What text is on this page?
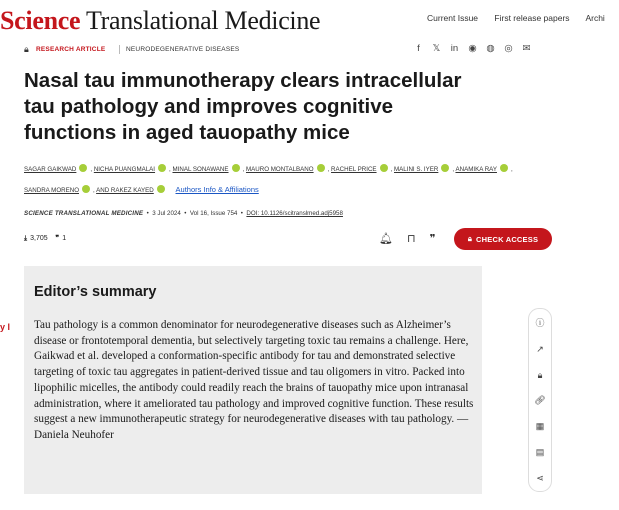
Science Translational Medicine	Current Issue First release papers Archi
🔒︎ RESEARCH ARTICLE	NEURODEGENERATIVE DISEASES	f	𝕏 in ◉ ◍ ◎ ✉
Nasal tau immunotherapy clears intracellular tau pathology and improves cognitive functions in aged tauopathy mice
SAGAR GAIKWAD , NICHA PUANGMALAI , MINAL SONAWANE , MAURO MONTALBANO , RACHEL PRICE , MALINI S. IYER , ANAMIKA RAY ,
SANDRA MORENO , AND RAKEZ KAYED	Authors Info & Affiliations
SCIENCE TRANSLATIONAL MEDICINE  •  3 Jul 2024  •  Vol 16, Issue 754  •  DOI: 10.1126/scitranslmed.adj5958
⤓ 3,705 ❞ 1	🔔︎ ⊓ ❞	🔒︎ CHECK ACCESS
y l
Editor’s summary

Tau pathology is a common denominator for neurodegenerative diseases such as Alzheimer’s disease or frontotemporal dementia, but selectively targeting toxic tau remains a challenge. Here, Gaikwad et al. developed a conformation-specific antibody for tau and demonstrated selective targeting of toxic tau aggregates in patient-derived tissue and tau oligomers in vitro. Packed into lipophilic micelles, the antibody could readily reach the brains of tauopathy mice upon intranasal administration, where it ameliorated tau pathology and improved cognitive function. These results suggest a new immunotherapeutic strategy for neurodegenerative diseases with tau pathology. —Daniela Neuhofer

ⓘ
↗
🔒︎
🔗︎
▦
▤
⋖
